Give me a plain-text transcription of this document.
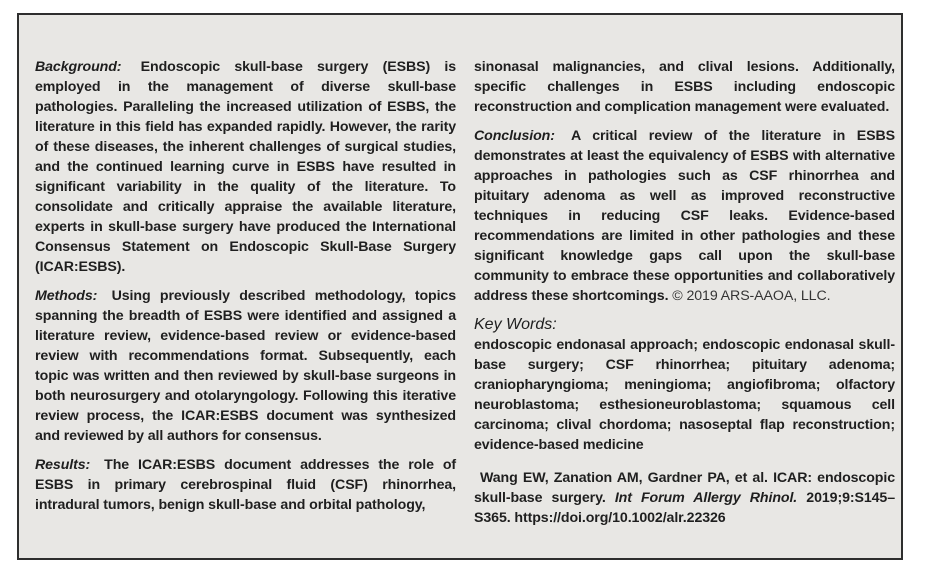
Background: Endoscopic skull-base surgery (ESBS) is employed in the management of diverse skull-base pathologies. Paralleling the increased utilization of ESBS, the literature in this field has expanded rapidly. However, the rarity of these diseases, the inherent challenges of surgical studies, and the continued learning curve in ESBS have resulted in significant variability in the quality of the literature. To consolidate and critically appraise the available literature, experts in skull-base surgery have produced the International Consensus Statement on Endoscopic Skull-Base Surgery (ICAR:ESBS).

Methods: Using previously described methodology, topics spanning the breadth of ESBS were identified and assigned a literature review, evidence-based review or evidence-based review with recommendations format. Subsequently, each topic was written and then reviewed by skull-base surgeons in both neurosurgery and otolaryngology. Following this iterative review process, the ICAR:ESBS document was synthesized and reviewed by all authors for consensus.

Results: The ICAR:ESBS document addresses the role of ESBS in primary cerebrospinal fluid (CSF) rhinorrhea, intradural tumors, benign skull-base and orbital pathology,

sinonasal malignancies, and clival lesions. Additionally, specific challenges in ESBS including endoscopic reconstruction and complication management were evaluated.

Conclusion: A critical review of the literature in ESBS demonstrates at least the equivalency of ESBS with alternative approaches in pathologies such as CSF rhinorrhea and pituitary adenoma as well as improved reconstructive techniques in reducing CSF leaks. Evidence-based recommendations are limited in other pathologies and these significant knowledge gaps call upon the skull-base community to embrace these opportunities and collaboratively address these shortcomings. © 2019 ARS-AAOA, LLC.

Key Words:
endoscopic endonasal approach; endoscopic endonasal skull-base surgery; CSF rhinorrhea; pituitary adenoma; craniopharyngioma; meningioma; angiofibroma; olfactory neuroblastoma; esthesioneuroblastoma; squamous cell carcinoma; clival chordoma; nasoseptal flap reconstruction; evidence-based medicine

Wang EW, Zanation AM, Gardner PA, et al. ICAR: endoscopic skull-base surgery. Int Forum Allergy Rhinol. 2019;9:S145–S365. https://doi.org/10.1002/alr.22326
